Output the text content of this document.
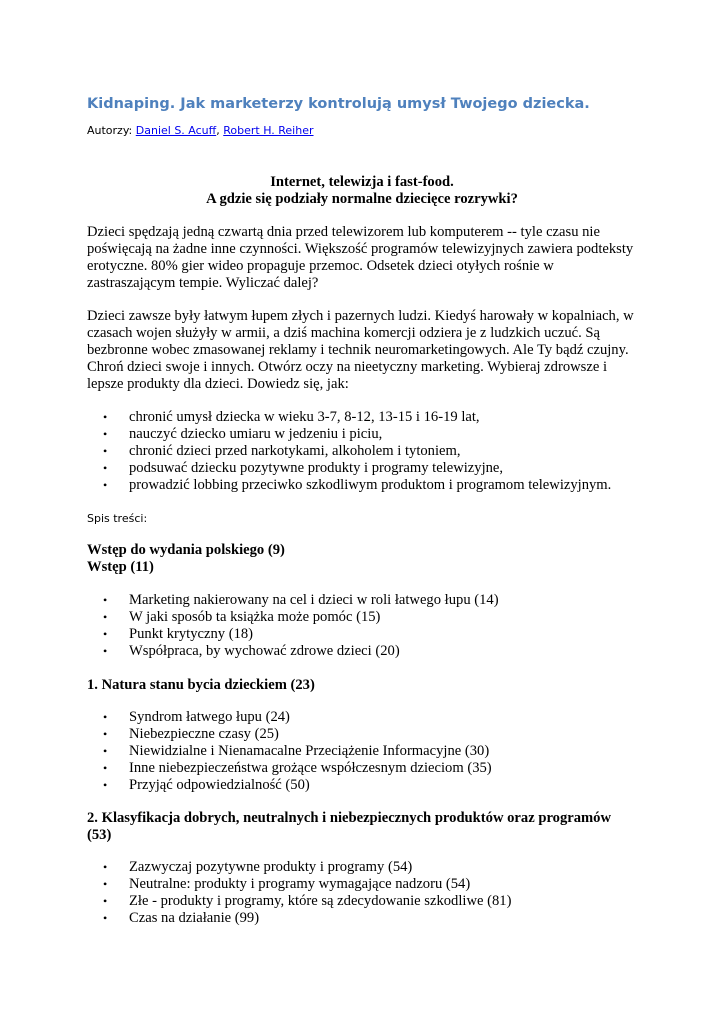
Kidnaping. Jak marketerzy kontrolują umysł Twojego dziecka.
Autorzy: Daniel S. Acuff, Robert H. Reiher
Internet, telewizja i fast-food.
A gdzie się podziały normalne dziecięce rozrywki?

Dzieci spędzają jedną czwartą dnia przed telewizorem lub komputerem -- tyle czasu nie poświęcają na żadne inne czynności. Większość programów telewizyjnych zawiera podteksty erotyczne. 80% gier wideo propaguje przemoc. Odsetek dzieci otyłych rośnie w zastraszającym tempie. Wyliczać dalej?

Dzieci zawsze były łatwym łupem złych i pazernych ludzi. Kiedyś harowały w kopalniach, w czasach wojen służyły w armii, a dziś machina komercji odziera je z ludzkich uczuć. Są bezbronne wobec zmasowanej reklamy i technik neuromarketingowych. Ale Ty bądź czujny. Chroń dzieci swoje i innych. Otwórz oczy na nieetyczny marketing. Wybieraj zdrowsze i lepsze produkty dla dzieci. Dowiedz się, jak:

• chronić umysł dziecka w wieku 3-7, 8-12, 13-15 i 16-19 lat,
• nauczyć dziecko umiaru w jedzeniu i piciu,
• chronić dzieci przed narkotykami, alkoholem i tytoniem,
• podsuwać dziecku pozytywne produkty i programy telewizyjne,
• prowadzić lobbing przeciwko szkodliwym produktom i programom telewizyjnym.
Spis treści:
Wstęp do wydania polskiego (9)
Wstęp (11)
• Marketing nakierowany na cel i dzieci w roli łatwego łupu (14)
• W jaki sposób ta książka może pomóc (15)
• Punkt krytyczny (18)
• Współpraca, by wychować zdrowe dzieci (20)
1. Natura stanu bycia dzieckiem (23)
• Syndrom łatwego łupu (24)
• Niebezpieczne czasy (25)
• Niewidzialne i Nienamacalne Przeciążenie Informacyjne (30)
• Inne niebezpieczeństwa grożące współczesnym dzieciom (35)
• Przyjąć odpowiedzialność (50)
2. Klasyfikacja dobrych, neutralnych i niebezpiecznych produktów oraz programów (53)
• Zazwyczaj pozytywne produkty i programy (54)
• Neutralne: produkty i programy wymagające nadzoru (54)
• Złe - produkty i programy, które są zdecydowanie szkodliwe (81)
• Czas na działanie (99)
